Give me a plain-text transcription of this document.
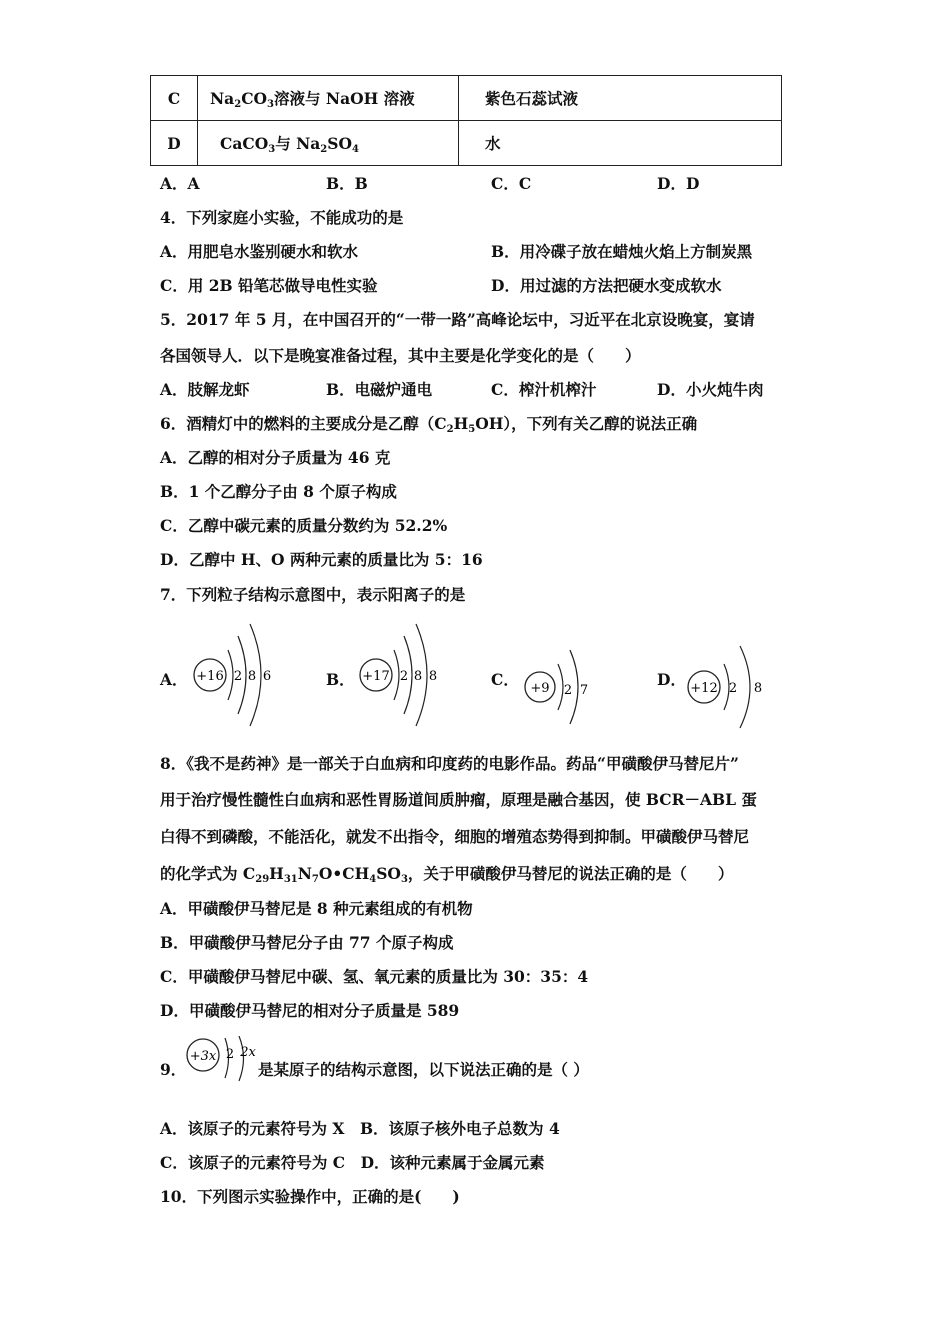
C	$Na_2CO_3$溶液与 NaOH 溶液	紫色石蕊试液
D	CaCO$_3$与 $Na_2SO_4$	水
A．A	B．B	C．C	D．D
4．下列家庭小实验，不能成功的是
A．用肥皂水鉴别硬水和软水	B．用冷碟子放在蜡烛火焰上方制炭黑
C．用 2B 铅笔芯做导电性实验	D．用过滤的方法把硬水变成软水
5．2017 年 5 月，在中国召开的“一带一路”高峰论坛中，习近平在北京设晚宴，宴请
各国领导人．以下是晚宴准备过程，其中主要是化学变化的是（　　）
A．肢解龙虾	B．电磁炉通电	C．榨汁机榨汁	D．小火炖牛肉
6．酒精灯中的燃料的主要成分是乙醇$(C_2H_5OH)$，下列有关乙醇的说法正确
A．乙醇的相对分子质量为 46 克
B．1 个乙醇分子由 8 个原子构成
C．乙醇中碳元素的质量分数约为 52.2%
D．乙醇中 H、O 两种元素的质量比为 5：16
7．下列粒子结构示意图中，表示阳离子的是
A． +16 2 8 6	B． +17 2 8 8	C． +9 2 7
D． +12 2 8
8．《我不是药神》是一部关于白血病和印度药的电影作品。药品“甲磺酸伊马替尼片”
用于治疗慢性髓性白血病和恶性胃肠道间质肿瘤，原理是融合基因，使 BCR－ABL 蛋
白得不到磷酸，不能活化，就发不出指令，细胞的增殖态势得到抑制。甲磺酸伊马替尼
的化学式为 $C_{29}H_{31}N_7O•CH_4SO_3$，关于甲磺酸伊马替尼的说法正确的是（　　）
A．甲磺酸伊马替尼是 8 种元素组成的有机物
B．甲磺酸伊马替尼分子由 77 个原子构成
C．甲磺酸伊马替尼中碳、氢、氧元素的质量比为 30：35：4
D．甲磺酸伊马替尼的相对分子质量是 589
9．
+3x 2 2x
是某原子的结构示意图，以下说法正确的是（ ）
A．该原子的元素符号为 X　B．该原子核外电子总数为 4
C．该原子的元素符号为 C　D．该种元素属于金属元素
10．下列图示实验操作中，正确的是(　　)
